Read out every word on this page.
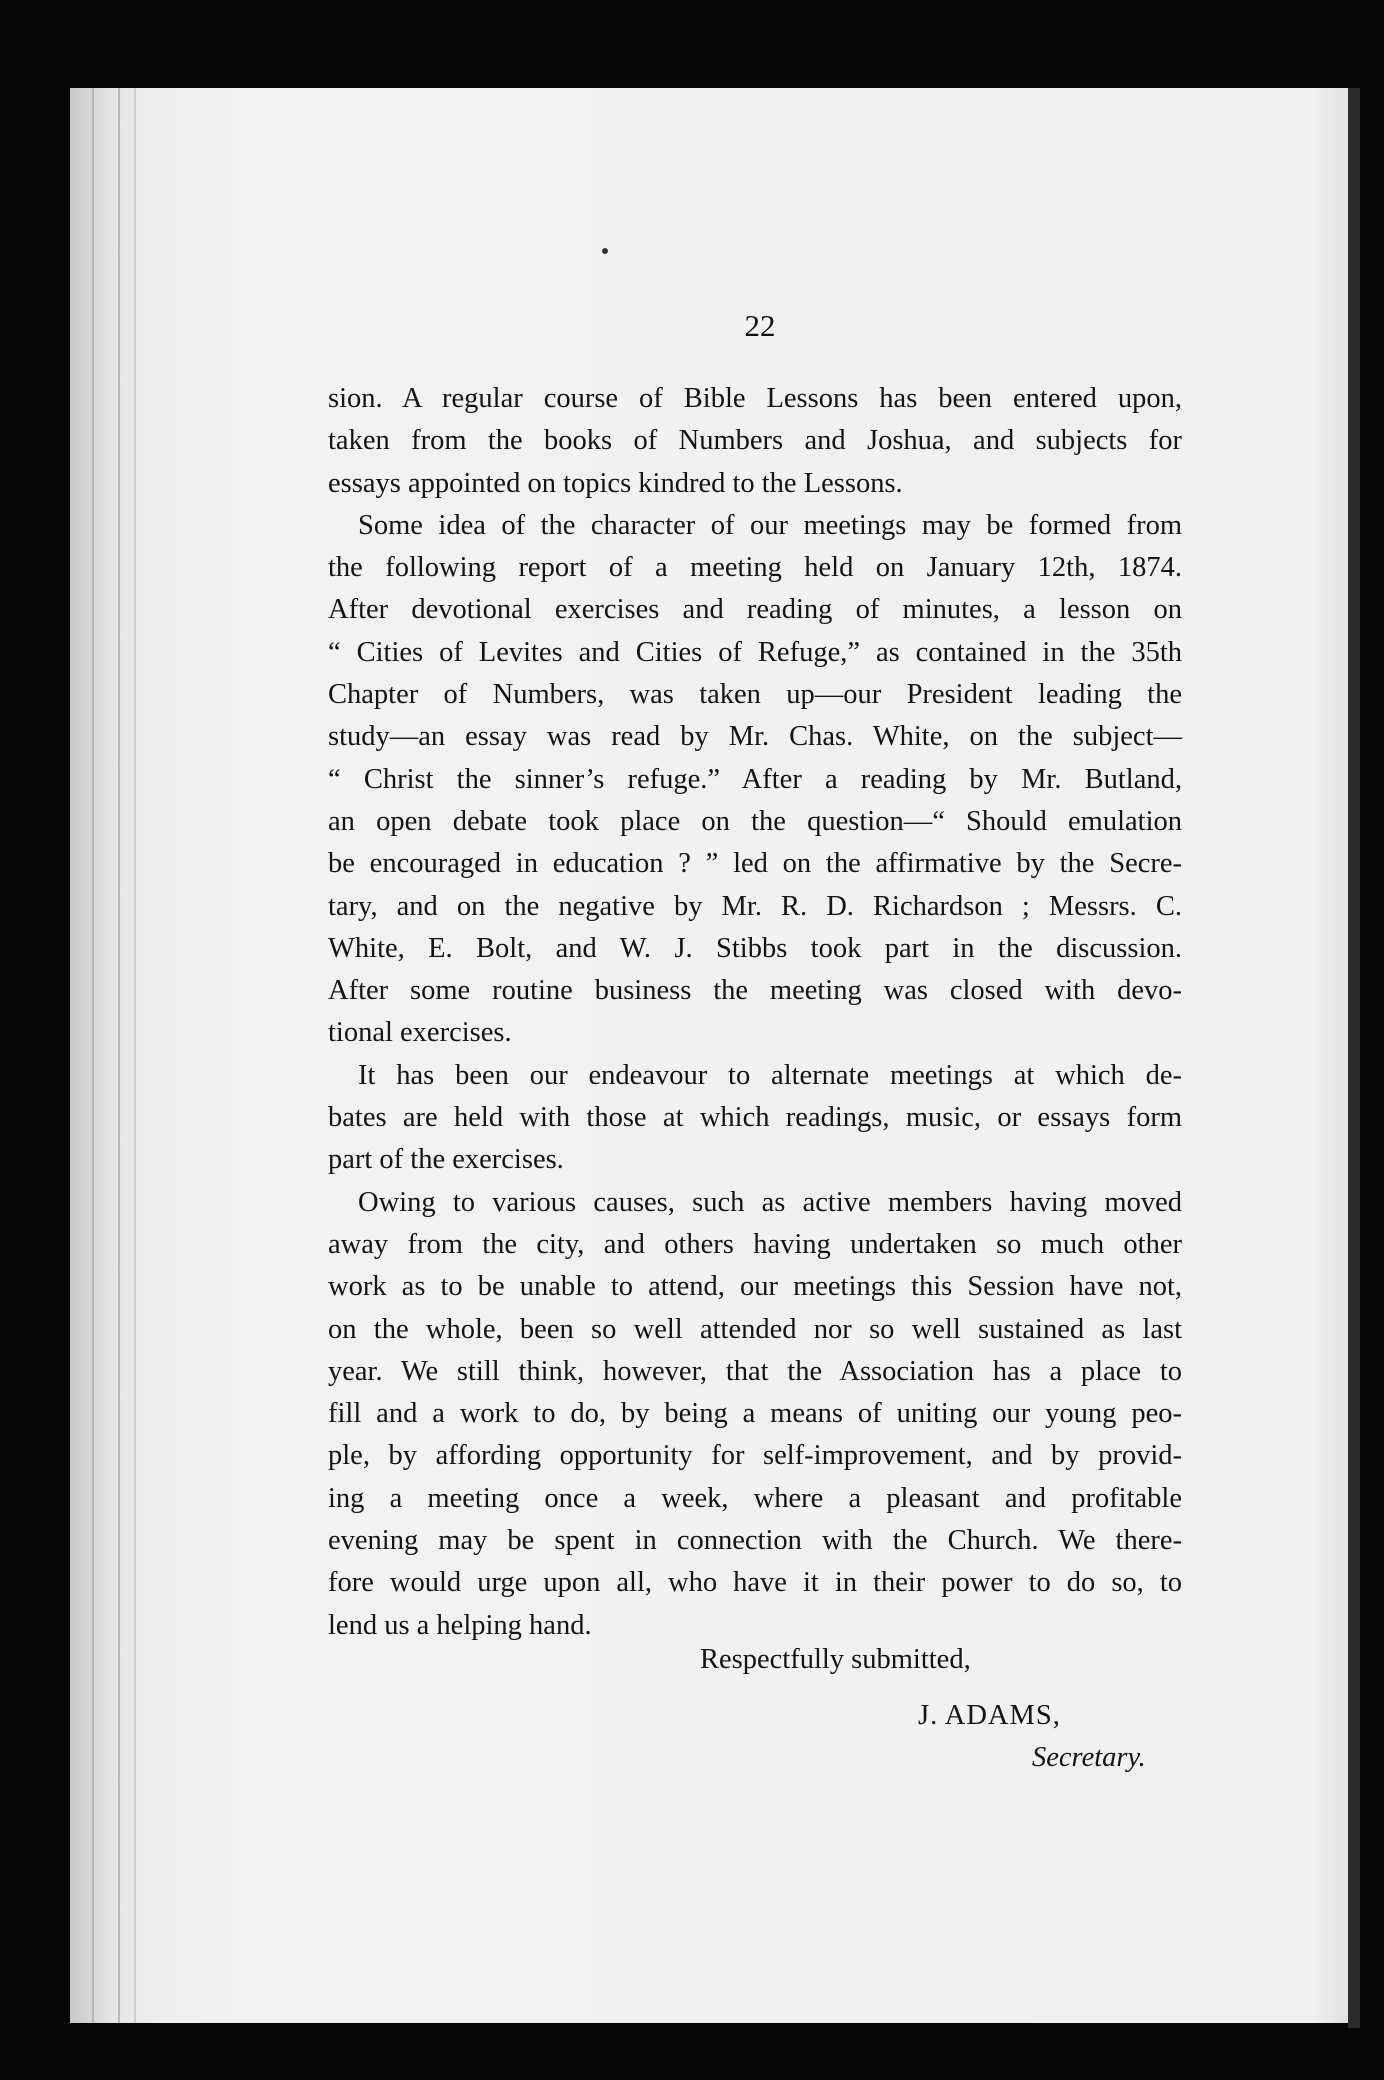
22
sion. A regular course of Bible Lessons has been entered upon,
taken from the books of Numbers and Joshua, and subjects for
essays appointed on topics kindred to the Lessons.
Some idea of the character of our meetings may be formed from
the following report of a meeting held on January 12th, 1874.
After devotional exercises and reading of minutes, a lesson on
“ Cities of Levites and Cities of Refuge,” as contained in the 35th
Chapter of Numbers, was taken up—our President leading the
study—an essay was read by Mr. Chas. White, on the subject—
“ Christ the sinner’s refuge.” After a reading by Mr. Butland,
an open debate took place on the question—“ Should emulation
be encouraged in education ? ” led on the affirmative by the Secre-
tary, and on the negative by Mr. R. D. Richardson ; Messrs. C.
White, E. Bolt, and W. J. Stibbs took part in the discussion.
After some routine business the meeting was closed with devo-
tional exercises.
It has been our endeavour to alternate meetings at which de-
bates are held with those at which readings, music, or essays form
part of the exercises.
Owing to various causes, such as active members having moved
away from the city, and others having undertaken so much other
work as to be unable to attend, our meetings this Session have not,
on the whole, been so well attended nor so well sustained as last
year. We still think, however, that the Association has a place to
fill and a work to do, by being a means of uniting our young peo-
ple, by affording opportunity for self-improvement, and by provid-
ing a meeting once a week, where a pleasant and profitable
evening may be spent in connection with the Church. We there-
fore would urge upon all, who have it in their power to do so, to
lend us a helping hand.
Respectfully submitted,
J. ADAMS,
Secretary.
